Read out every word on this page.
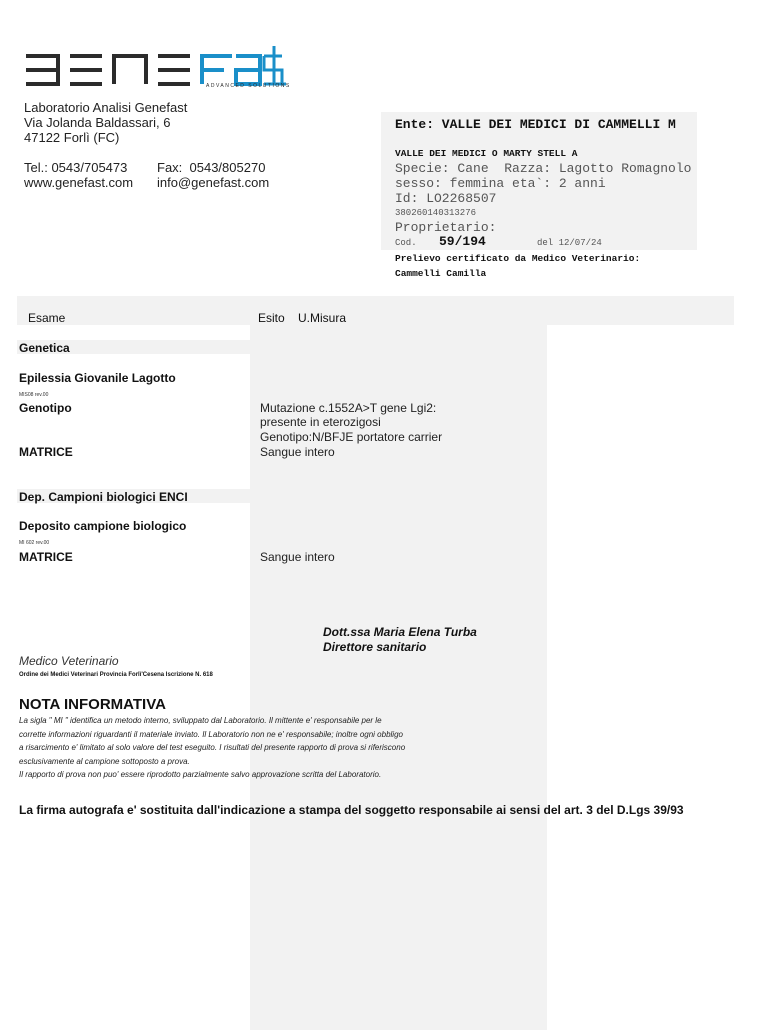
ADVANCED SOLUTIONS
Laboratorio Analisi Genefast
Via Jolanda Baldassari, 6
47122 Forlì (FC)
Tel.: 0543/705473 Fax:  0543/805270
www.genefast.com info@genefast.com
Ente: VALLE DEI MEDICI DI CAMMELLI M
VALLE DEI MEDICI O MARTY STELL A
Specie: Cane  Razza: Lagotto Romagnolo
sesso: femmina eta`: 2 anni
Id: LO2268507
380260140313276
Proprietario:
Cod. 59/194	del 12/07/24
Prelievo certificato da Medico Veterinario:
Cammelli Camilla
Esame	Esito U.Misura
Genetica
Epilessia Giovanile Lagotto
MIS08 rev.00
Genotipo	Mutazione c.1552A>T gene Lgi2:
presente in eterozigosi
Genotipo:N/BFJE portatore carrier
MATRICE	Sangue intero
Dep. Campioni biologici ENCI
Deposito campione biologico
MI 602 rev.00
MATRICE	Sangue intero
Dott.ssa Maria Elena Turba
Direttore sanitario
Medico Veterinario
Ordine dei Medici Veterinari Provincia Forlì'Cesena Iscrizione N. 618
NOTA INFORMATIVA
La sigla " MI " identifica un metodo interno, sviluppato dal Laboratorio. Il mittente e' responsabile per le
corrette informazioni riguardanti il materiale inviato. Il Laboratorio non ne e' responsabile; inoltre ogni obbligo
a risarcimento e' limitato al solo valore del test eseguito. I risultati del presente rapporto di prova si riferiscono
esclusivamente al campione sottoposto a prova.
Il rapporto di prova non puo' essere riprodotto parzialmente salvo approvazione scritta del Laboratorio.
La firma autografa e' sostituita dall'indicazione a stampa del soggetto responsabile ai sensi del art. 3 del D.Lgs 39/93
